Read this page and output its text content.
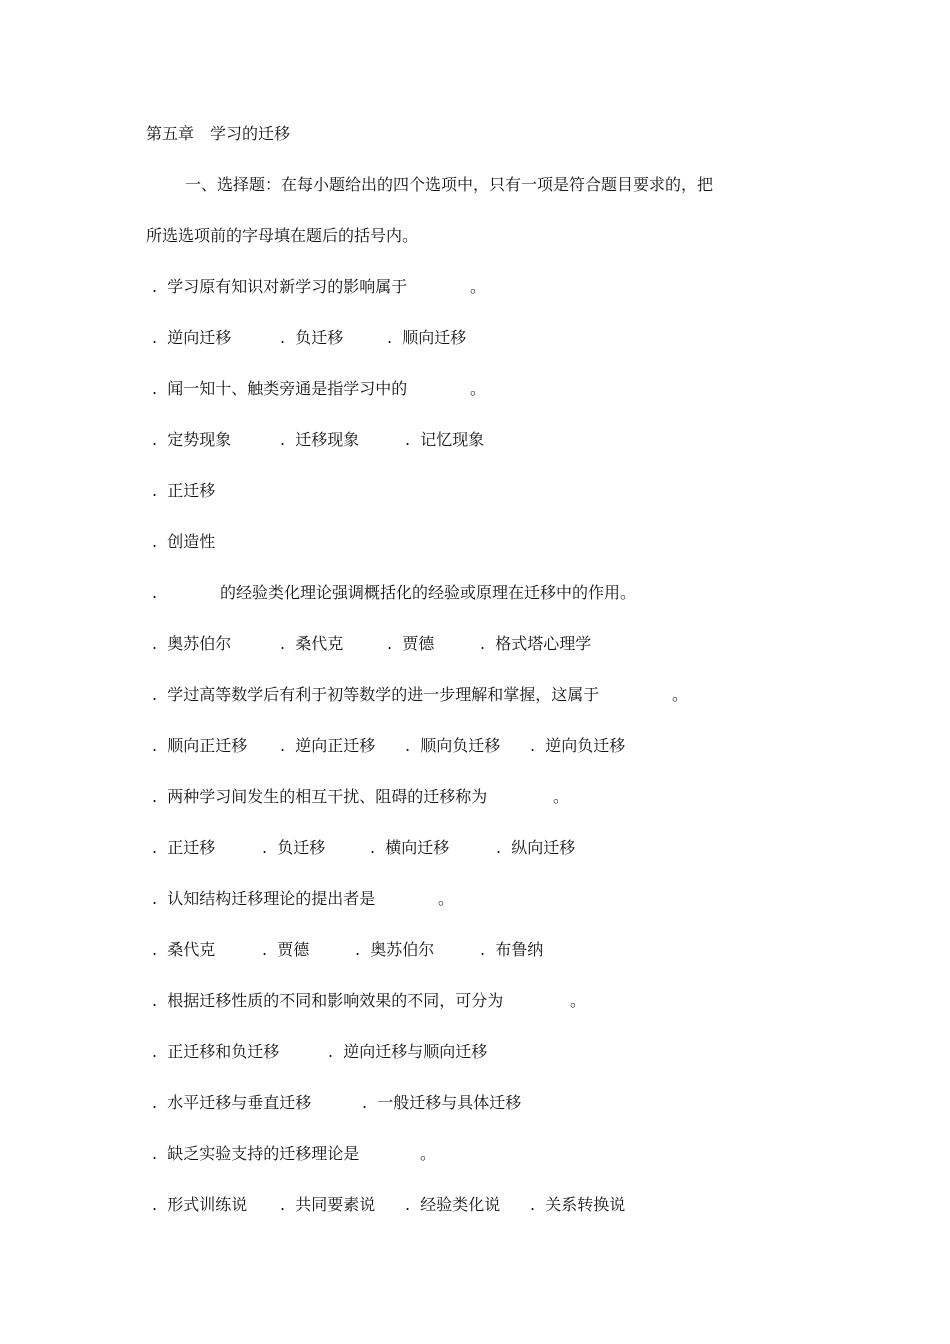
第五章　学习的迁移
一、选择题：在每小题给出的四个选项中，只有一项是符合题目要求的，把
所选选项前的字母填在题后的括号内。
.  学习原有知识对新学习的影响属于	。
.  逆向迁移	.  负迁移	.  顺向迁移
.  闻一知十、触类旁通是指学习中的	。
.  定势现象	.  迁移现象	.  记忆现象
.  正迁移
.  创造性
.	的经验类化理论强调概括化的经验或原理在迁移中的作用。
.  奥苏伯尔	.  桑代克	.  贾德	.  格式塔心理学
.  学过高等数学后有利于初等数学的进一步理解和掌握，这属于	。
.  顺向正迁移 .  逆向正迁移 .  顺向负迁移 .  逆向负迁移
.  两种学习间发生的相互干扰、阻碍的迁移称为	。
.  正迁移	.  负迁移	.  横向迁移	.  纵向迁移
.  认知结构迁移理论的提出者是	。
.  桑代克	.  贾德	.  奥苏伯尔	.  布鲁纳
.  根据迁移性质的不同和影响效果的不同，可分为	。
.  正迁移和负迁移	.  逆向迁移与顺向迁移
.  水平迁移与垂直迁移	.  一般迁移与具体迁移
.  缺乏实验支持的迁移理论是	。
.  形式训练说 .  共同要素说 .  经验类化说 .  关系转换说
